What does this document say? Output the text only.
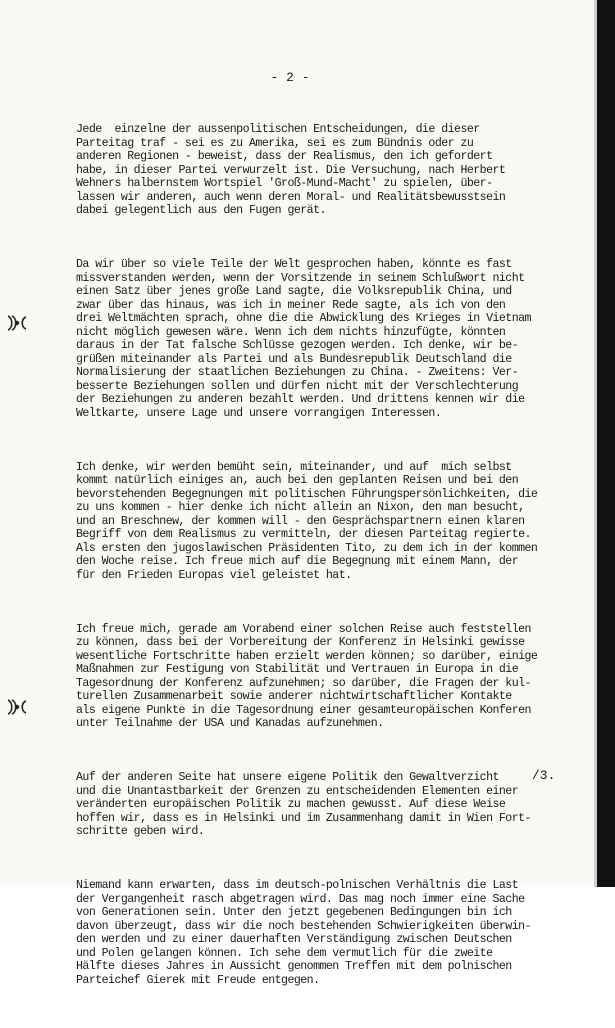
- 2 -

Jede  einzelne der aussenpolitischen Entscheidungen, die dieser
Parteitag traf - sei es zu Amerika, sei es zum Bündnis oder zu
anderen Regionen - beweist, dass der Realismus, den ich gefordert
habe, in dieser Partei verwurzelt ist. Die Versuchung, nach Herbert
Wehners halbernstem Wortspiel 'Groß-Mund-Macht' zu spielen, über-
lassen wir anderen, auch wenn deren Moral- und Realitätsbewusstsein
dabei gelegentlich aus den Fugen gerät.

Da wir über so viele Teile der Welt gesprochen haben, könnte es fast
missverstanden werden, wenn der Vorsitzende in seinem Schlußwort nicht
einen Satz über jenes große Land sagte, die Volksrepublik China, und
zwar über das hinaus, was ich in meiner Rede sagte, als ich von den
drei Weltmächten sprach, ohne die die Abwicklung des Krieges in Vietnam
nicht möglich gewesen wäre. Wenn ich dem nichts hinzufügte, könnten
daraus in der Tat falsche Schlüsse gezogen werden. Ich denke, wir be-
grüßen miteinander als Partei und als Bundesrepublik Deutschland die
Normalisierung der staatlichen Beziehungen zu China. - Zweitens: Ver-
besserte Beziehungen sollen und dürfen nicht mit der Verschlechterung
der Beziehungen zu anderen bezahlt werden. Und drittens kennen wir die
Weltkarte, unsere Lage und unsere vorrangigen Interessen.

Ich denke, wir werden bemüht sein, miteinander, und auf  mich selbst
kommt natürlich einiges an, auch bei den geplanten Reisen und bei den
bevorstehenden Begegnungen mit politischen Führungspersönlichkeiten, die
zu uns kommen - hier denke ich nicht allein an Nixon, den man besucht,
und an Breschnew, der kommen will - den Gesprächspartnern einen klaren
Begriff von dem Realismus zu vermitteln, der diesen Parteitag regierte.
Als ersten den jugoslawischen Präsidenten Tito, zu dem ich in der kommen
den Woche reise. Ich freue mich auf die Begegnung mit einem Mann, der
für den Frieden Europas viel geleistet hat.

Ich freue mich, gerade am Vorabend einer solchen Reise auch feststellen
zu können, dass bei der Vorbereitung der Konferenz in Helsinki gewisse
wesentliche Fortschritte haben erzielt werden können; so darüber, einige
Maßnahmen zur Festigung von Stabilität und Vertrauen in Europa in die
Tagesordnung der Konferenz aufzunehmen; so darüber, die Fragen der kul-
turellen Zusammenarbeit sowie anderer nichtwirtschaftlicher Kontakte
als eigene Punkte in die Tagesordnung einer gesamteuropäischen Konferen
unter Teilnahme der USA und Kanadas aufzunehmen.

Auf der anderen Seite hat unsere eigene Politik den Gewaltverzicht
und die Unantastbarkeit der Grenzen zu entscheidenden Elementen einer
veränderten europäischen Politik zu machen gewusst. Auf diese Weise
hoffen wir, dass es in Helsinki und im Zusammenhang damit in Wien Fort-
schritte geben wird.

Niemand kann erwarten, dass im deutsch-polnischen Verhältnis die Last
der Vergangenheit rasch abgetragen wird. Das mag noch immer eine Sache
von Generationen sein. Unter den jetzt gegebenen Bedingungen bin ich
davon überzeugt, dass wir die noch bestehenden Schwierigkeiten überwin-
den werden und zu einer dauerhaften Verständigung zwischen Deutschen
und Polen gelangen können. Ich sehe dem vermutlich für die zweite
Hälfte dieses Jahres in Aussicht genommen Treffen mit dem polnischen
Parteichef Gierek mit Freude entgegen.

/3.
